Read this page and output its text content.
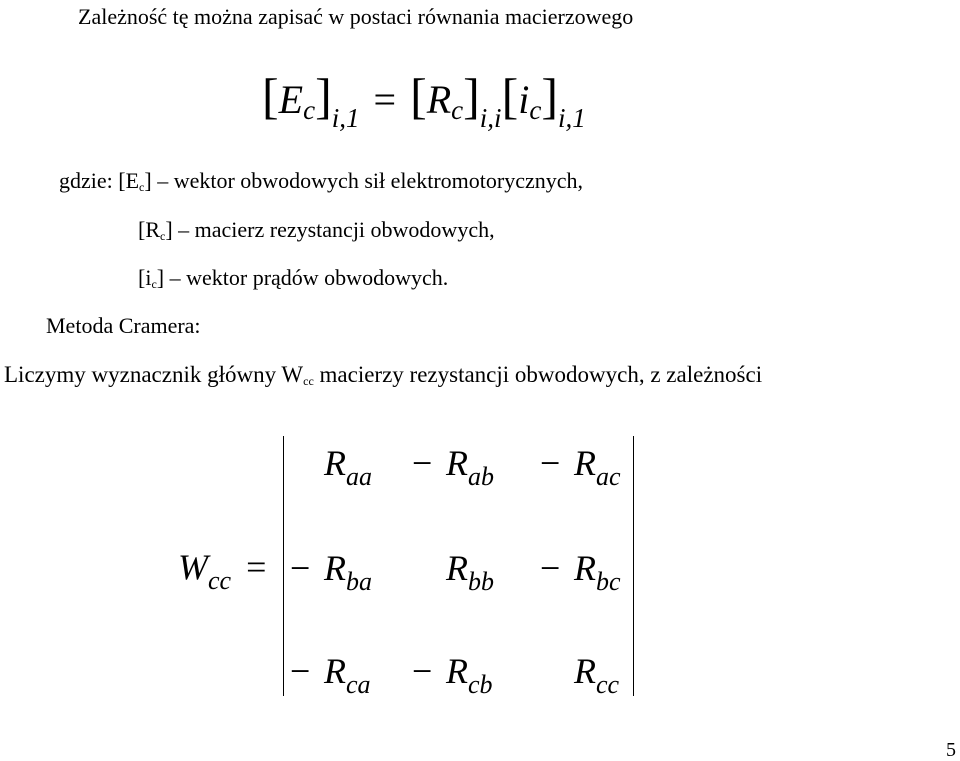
Zależność tę można zapisać w postaci równania macierzowego
$[Ec]_{i,1} = [Rc]_{i,i}[ic]_{i,1}$
gdzie: [Ec] – wektor obwodowych sił elektromotorycznych,
[Rc] – macierz rezystancji obwodowych,
[ic] – wektor prądów obwodowych.
Metoda Cramera:
Liczymy wyznacznik główny Wcc macierzy rezystancji obwodowych, z zależności
$W_{cc}$ =
$R_{aa} - R_{ab} - R_{ac}$
− $R_{ba}$	$R_{bb} - R_{bc}$
− $R_{ca} - R_{cb}$	$R_{cc}$
5
